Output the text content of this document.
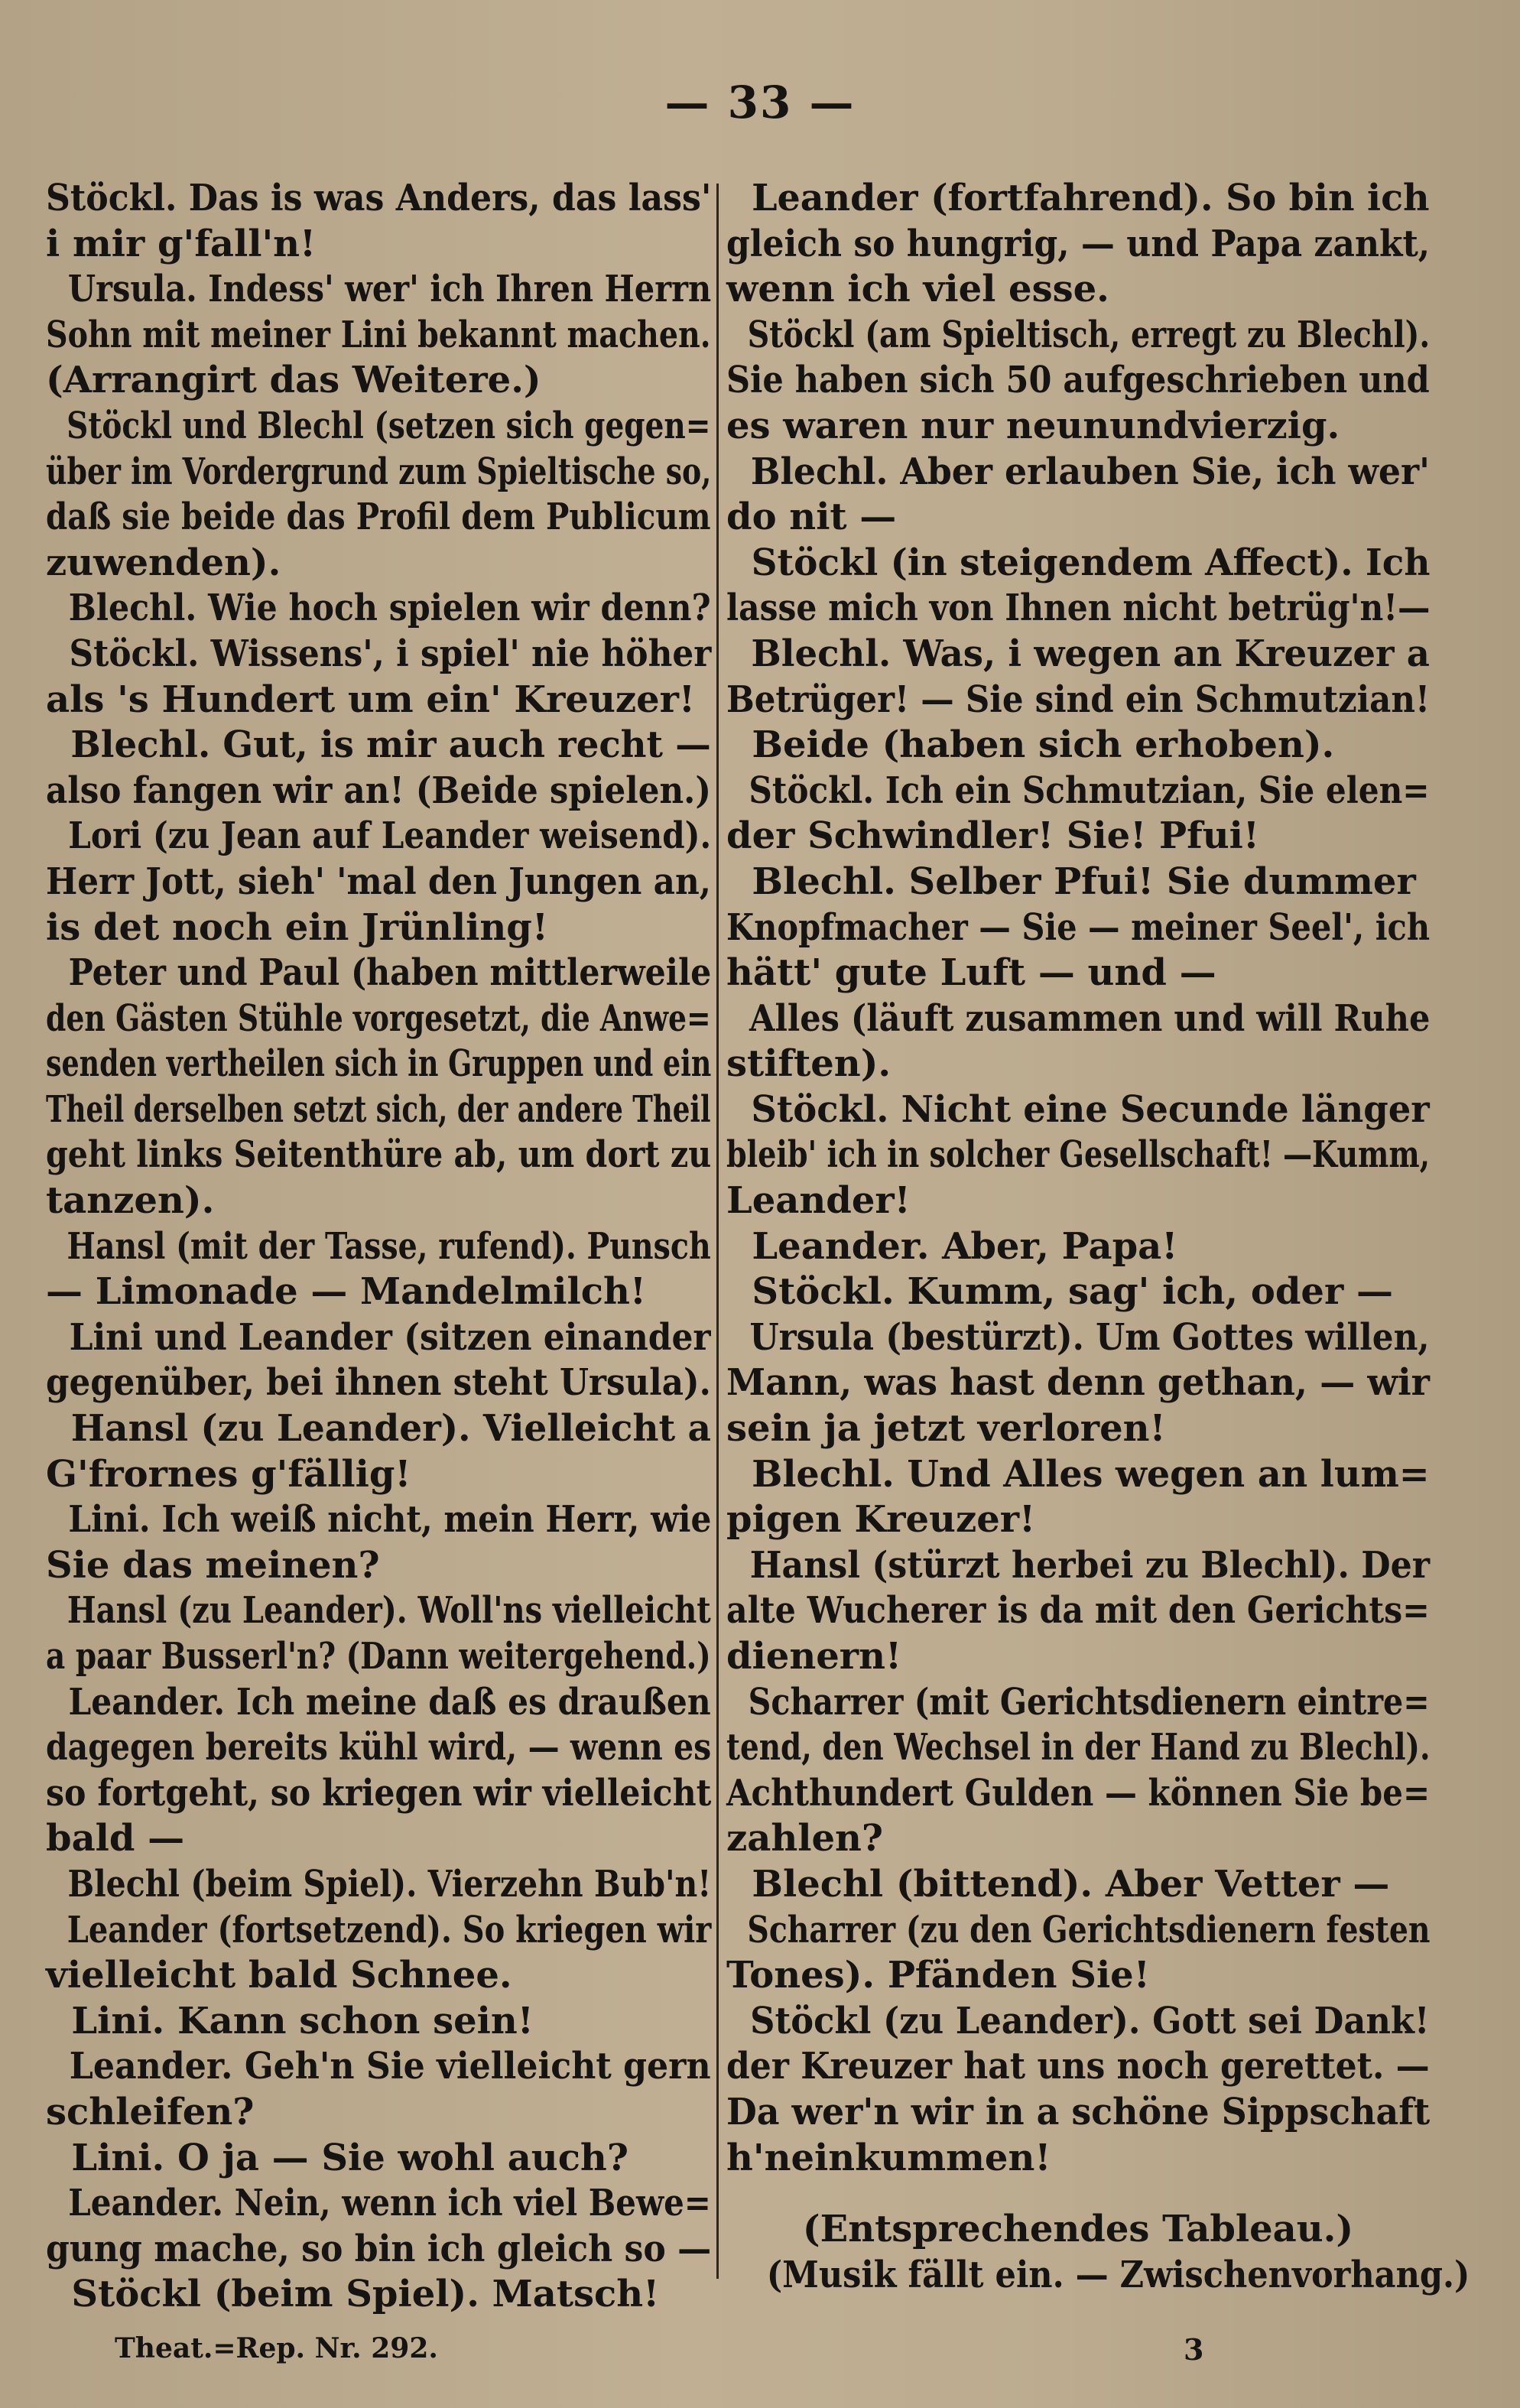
— 33 —
Stöckl. Das is was Anders, das lass'
i mir g'fall'n!
Ursula. Indess' wer' ich Ihren Herrn
Sohn mit meiner Lini bekannt machen.
(Arrangirt das Weitere.)
Stöckl und Blechl (setzen sich gegen=
über im Vordergrund zum Spieltische so,
daß sie beide das Profil dem Publicum
zuwenden).
Blechl. Wie hoch spielen wir denn?
Stöckl. Wissens', i spiel' nie höher
als 's Hundert um ein' Kreuzer!
Blechl. Gut, is mir auch recht —
also fangen wir an! (Beide spielen.)
Lori (zu Jean auf Leander weisend).
Herr Jott, sieh' 'mal den Jungen an,
is det noch ein Jrünling!
Peter und Paul (haben mittlerweile
den Gästen Stühle vorgesetzt, die Anwe=
senden vertheilen sich in Gruppen und ein
Theil derselben setzt sich, der andere Theil
geht links Seitenthüre ab, um dort zu
tanzen).
Hansl (mit der Tasse, rufend). Punsch
— Limonade — Mandelmilch!
Lini und Leander (sitzen einander
gegenüber, bei ihnen steht Ursula).
Hansl (zu Leander). Vielleicht a
G'frornes g'fällig!
Lini. Ich weiß nicht, mein Herr, wie
Sie das meinen?
Hansl (zu Leander). Woll'ns vielleicht
a paar Busserl'n? (Dann weitergehend.)
Leander. Ich meine daß es draußen
dagegen bereits kühl wird, — wenn es
so fortgeht, so kriegen wir vielleicht
bald —
Blechl (beim Spiel). Vierzehn Bub'n!
Leander (fortsetzend). So kriegen wir
vielleicht bald Schnee.
Lini. Kann schon sein!
Leander. Geh'n Sie vielleicht gern
schleifen?
Lini. O ja — Sie wohl auch?
Leander. Nein, wenn ich viel Bewe=
gung mache, so bin ich gleich so —
Stöckl (beim Spiel). Matsch!
Leander (fortfahrend). So bin ich
gleich so hungrig, — und Papa zankt,
wenn ich viel esse.
Stöckl (am Spieltisch, erregt zu Blechl).
Sie haben sich 50 aufgeschrieben und
es waren nur neunundvierzig.
Blechl. Aber erlauben Sie, ich wer'
do nit —
Stöckl (in steigendem Affect). Ich
lasse mich von Ihnen nicht betrüg'n!—
Blechl. Was, i wegen an Kreuzer a
Betrüger! — Sie sind ein Schmutzian!
Beide (haben sich erhoben).
Stöckl. Ich ein Schmutzian, Sie elen=
der Schwindler! Sie! Pfui!
Blechl. Selber Pfui! Sie dummer
Knopfmacher — Sie — meiner Seel', ich
hätt' gute Luft — und —
Alles (läuft zusammen und will Ruhe
stiften).
Stöckl. Nicht eine Secunde länger
bleib' ich in solcher Gesellschaft! —Kumm,
Leander!
Leander. Aber, Papa!
Stöckl. Kumm, sag' ich, oder —
Ursula (bestürzt). Um Gottes willen,
Mann, was hast denn gethan, — wir
sein ja jetzt verloren!
Blechl. Und Alles wegen an lum=
pigen Kreuzer!
Hansl (stürzt herbei zu Blechl). Der
alte Wucherer is da mit den Gerichts=
dienern!
Scharrer (mit Gerichtsdienern eintre=
tend, den Wechsel in der Hand zu Blechl).
Achthundert Gulden — können Sie be=
zahlen?
Blechl (bittend). Aber Vetter —
Scharrer (zu den Gerichtsdienern festen
Tones). Pfänden Sie!
Stöckl (zu Leander). Gott sei Dank!
der Kreuzer hat uns noch gerettet. —
Da wer'n wir in a schöne Sippschaft
h'neinkummen!
(Entsprechendes Tableau.)
(Musik fällt ein. — Zwischenvorhang.)
Theat.=Rep. Nr. 292.	3
